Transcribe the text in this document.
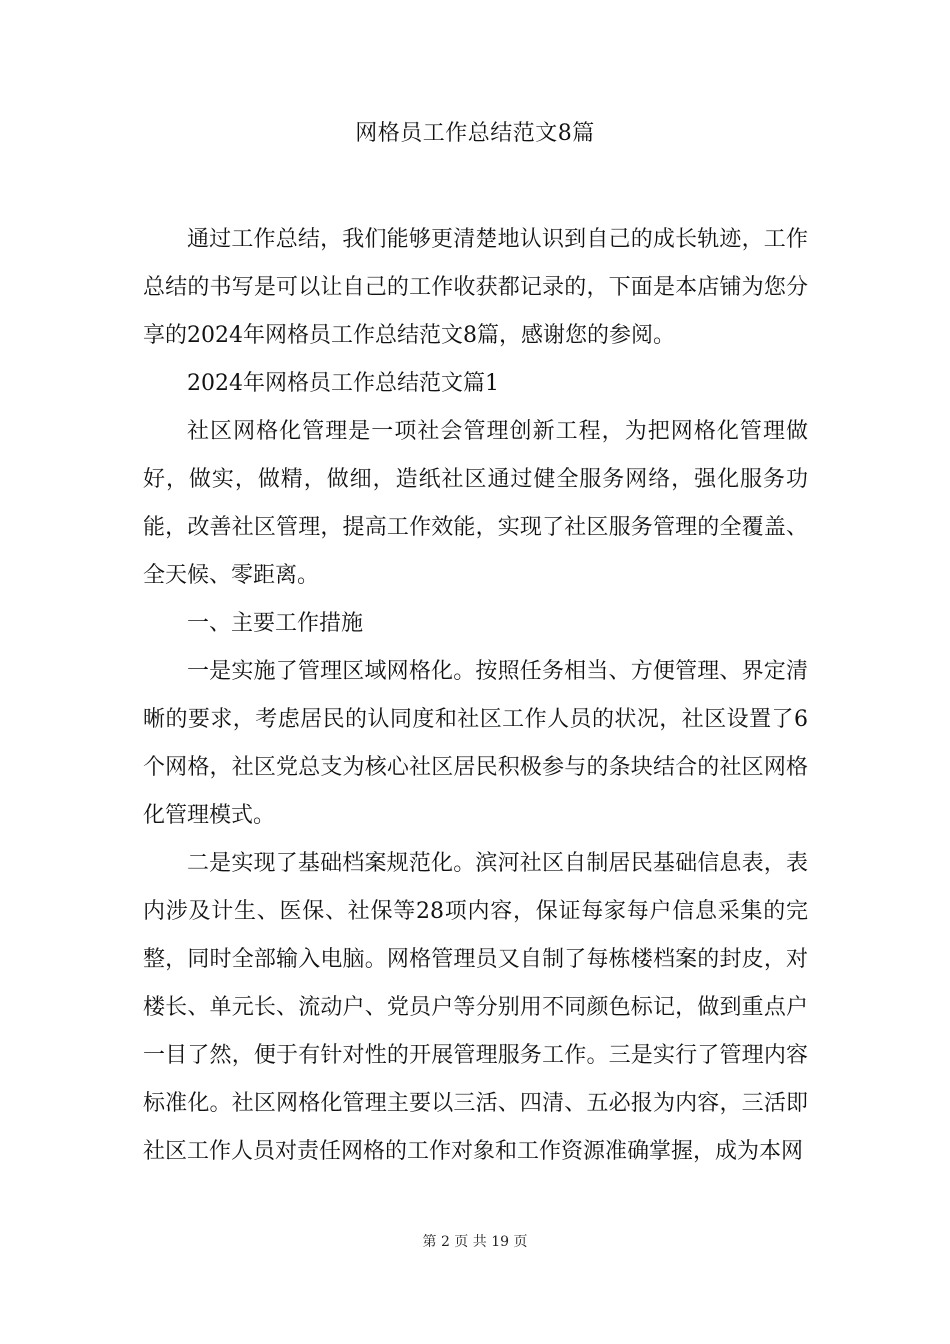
网格员工作总结范文8篇

通过工作总结，我们能够更清楚地认识到自己的成长轨迹，工作总结的书写是可以让自己的工作收获都记录的，下面是本店铺为您分享的2024年网格员工作总结范文8篇，感谢您的参阅。

2024年网格员工作总结范文篇1

社区网格化管理是一项社会管理创新工程，为把网格化管理做好，做实，做精，做细，造纸社区通过健全服务网络，强化服务功能，改善社区管理，提高工作效能，实现了社区服务管理的全覆盖、全天候、零距离。

一、主要工作措施

一是实施了管理区域网格化。按照任务相当、方便管理、界定清晰的要求，考虑居民的认同度和社区工作人员的状况，社区设置了6个网格，社区党总支为核心社区居民积极参与的条块结合的社区网格化管理模式。

二是实现了基础档案规范化。滨河社区自制居民基础信息表，表内涉及计生、医保、社保等28项内容，保证每家每户信息采集的完整，同时全部输入电脑。网格管理员又自制了每栋楼档案的封皮，对楼长、单元长、流动户、党员户等分别用不同颜色标记，做到重点户一目了然，便于有针对性的开展管理服务工作。三是实行了管理内容标准化。社区网格化管理主要以三活、四清、五必报为内容，三活即社区工作人员对责任网格的工作对象和工作资源准确掌握，成为本网

第 2 页 共 19 页
